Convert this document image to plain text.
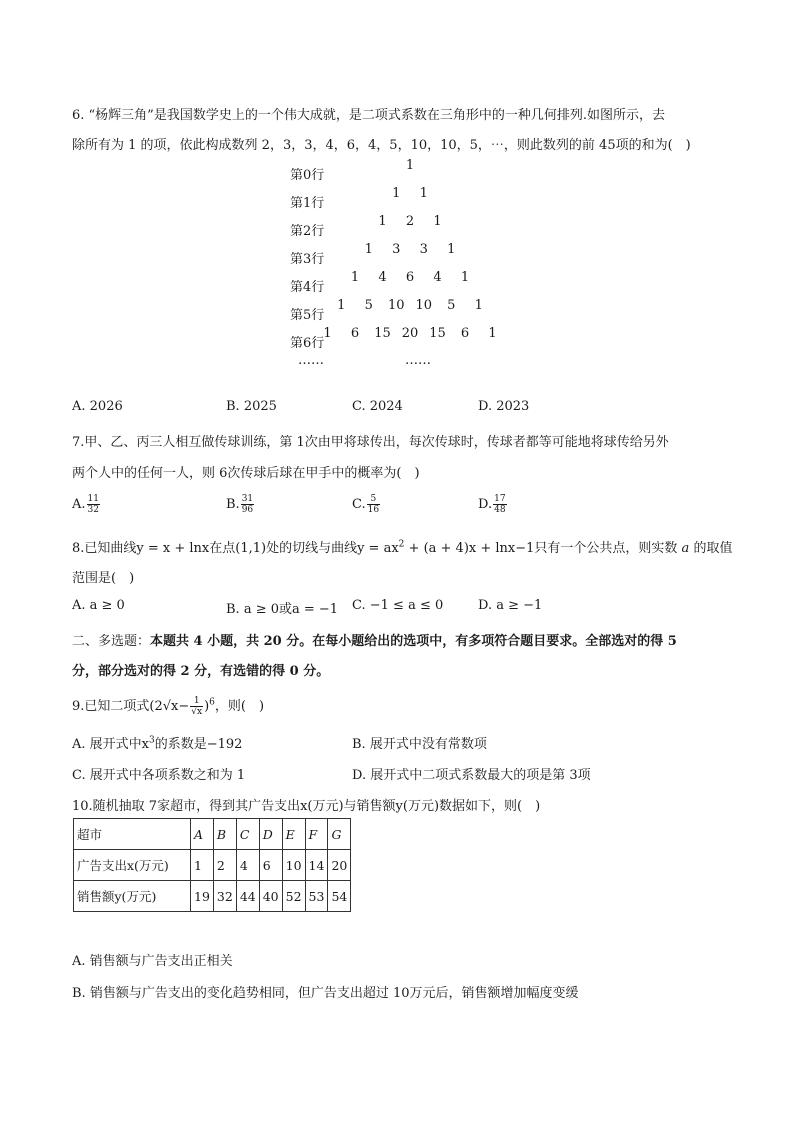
6. “杨辉三角”是我国数学史上的一个伟大成就，是二项式系数在三角形中的一种几何排列.如图所示，去
除所有为 1 的项，依此构成数列 2，3，3，4，6，4，5，10，10，5，⋯，则此数列的前 45项的和为(　)
第0行
1
第1行
1	1
第2行
1	2	1
第3行
1	3	3	1
第4行
1	4	6	4	1
第5行
1	5	10 10	5	1
第6行
1	6	15 20 15	6	1
……	……
A. 2026	B. 2025	C. 2024	D. 2023
7.甲、乙、丙三人相互做传球训练，第 1次由甲将球传出，每次传球时，传球者都等可能地将球传给另外
两个人中的任何一人，则 6次传球后球在甲手中的概率为(　)
A. $\frac{11}{32}$	B. $\frac{31}{96}$	C. $\frac{5}{16}$	D. $\frac{17}{48}$
8.已知曲线y = x + lnx在点(1,1)处的切线与曲线$y = ax^2 + (a + 4)x + \ln x-1$只有一个公共点，则实数 a 的取值
范围是(　)
A. a ≥ 0	B. a ≥ 0或a = −1 C. −1 ≤ a ≤ 0	D. a ≥ −1
二、多选题：本题共 4 小题，共 20 分。在每小题给出的选项中，有多项符合题目要求。全部选对的得 5
分，部分选对的得 2 分，有选错的得 0 分。
9.已知二项式$(2√x- \frac{1}{√x} )^6$，则(　)
A. 展开式中$x^3$的系数是−192	B. 展开式中没有常数项
C. 展开式中各项系数之和为 1	D. 展开式中二项式系数最大的项是第 3项
10.随机抽取 7家超市，得到其广告支出x(万元)与销售额y(万元)数据如下，则(　)
超市	A	B	C	D	E	F	G
广告支出x(万元)	1	2	4	6	10	14	20
销售额y(万元)	19	32	44	40	52	53	54
A. 销售额与广告支出正相关
B. 销售额与广告支出的变化趋势相同，但广告支出超过 10万元后，销售额增加幅度变缓
